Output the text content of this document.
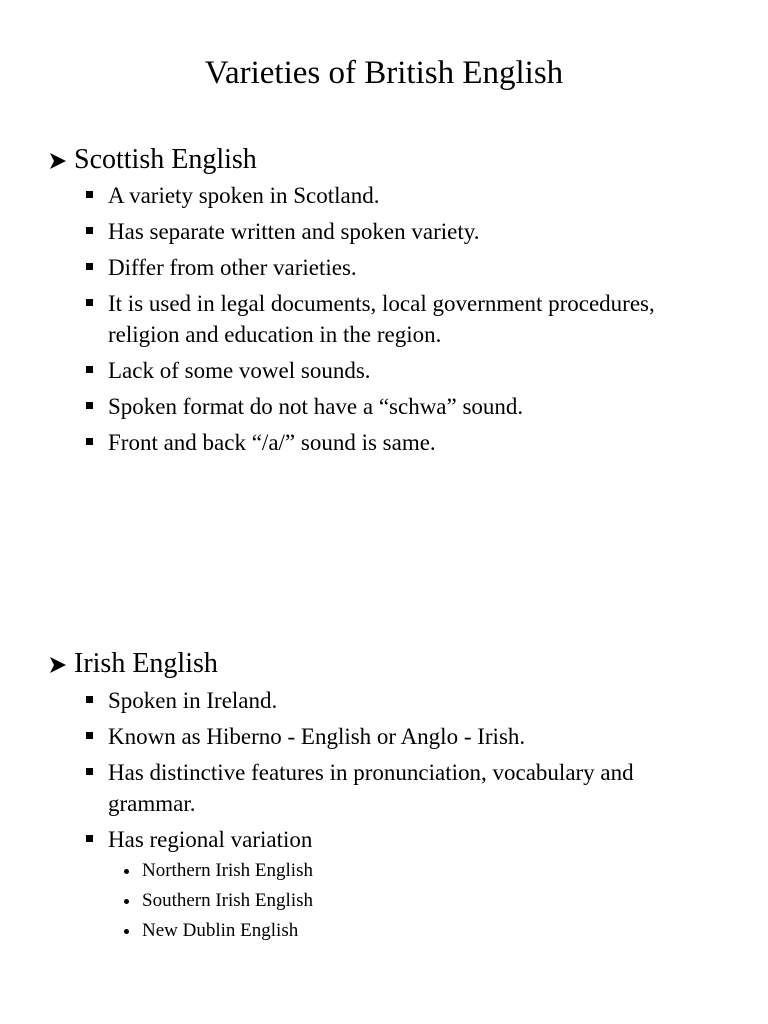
Varieties of British English
Scottish English
A variety spoken in Scotland.
Has separate written and spoken variety.
Differ from other varieties.
It is used in legal documents, local government procedures, religion and education in the region.
Lack of some vowel sounds.
Spoken format do not have a “schwa” sound.
Front and back “/a/” sound is same.
Irish English
Spoken in Ireland.
Known as Hiberno - English or Anglo - Irish.
Has distinctive features in pronunciation, vocabulary and grammar.
Has regional variation
Northern Irish English
Southern Irish English
New Dublin English
